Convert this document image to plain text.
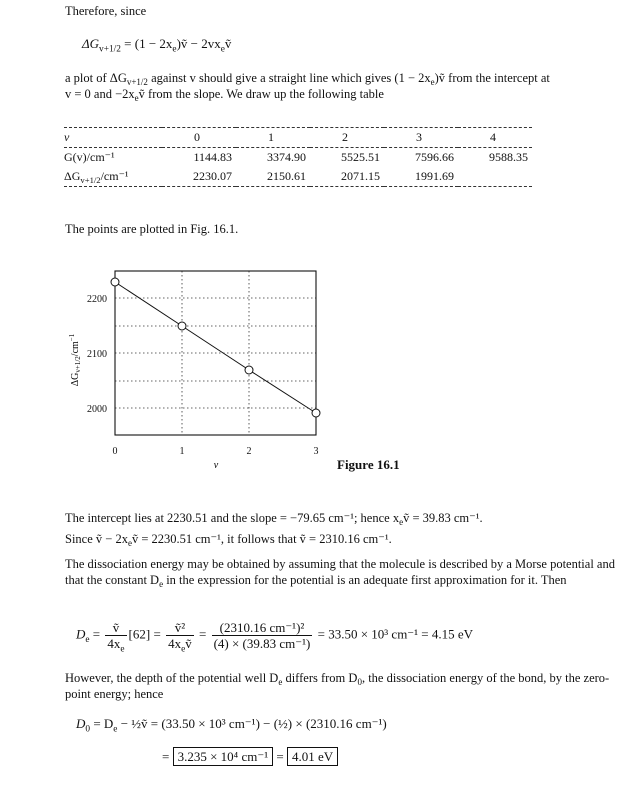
Therefore, since
$\Delta G_{v+1/2} = (1$ − $2x_e)ṽ$ − $2vx_eṽ$
a plot of $\Delta G_{v+1/2}$ against v should give a straight line which gives $(1 - 2x_e)ṽ$ from the intercept at
v = 0 and $-2x_eṽ$ from the slope. We draw up the following table
v	0	1	2	3	4
G(v)/cm⁻¹	1144.83	3374.90	5525.51	7596.66	9588.35
$\Delta G_{v+1/2}/cm^{-1}$	2230.07	2150.61	2071.15	1991.69	
The points are plotted in Fig. 16.1.
2200
2100
2000
0	1	2	3
v
$\Delta G_{v+1/2}/cm^{-1}$
Figure 16.1
The intercept lies at 2230.51 and the slope = −79.65 cm⁻¹; hence $x_eṽ = 39.83$ cm⁻¹.
Since ṽ − $2x_eṽ = 2230.51$ cm⁻¹, it follows that ṽ = 2310.16 cm⁻¹.
The dissociation energy may be obtained by assuming that the molecule is described by a Morse potential and that the constant $D_e$ in the expression for the potential is an adequate first approximation for it. Then
$D_e = \frac{\text{ṽ}}{4x_e} [62] = \frac{\text{ṽ²}}{4x_eṽ} = \frac{\text{(2310.16 cm⁻¹)²}}{\text{(4) × (39.83 cm⁻¹)}} = 33.50 \times 10^3$ cm⁻¹ = 4.15 eV
However, the depth of the potential well $D_e$ differs from $D_0$, the dissociation energy of the bond, by the zero-point energy; hence
$D_0 = D_e$ − ½ṽ = (33.50 × 10³ cm⁻¹) − (½) × (2310.16 cm⁻¹)
= 3.235 × 10⁴ cm⁻¹ = 4.01 eV
